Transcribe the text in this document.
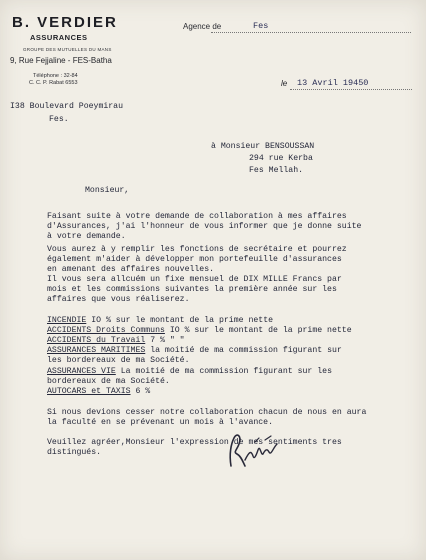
B. VERDIER
ASSURANCES
GROUPE DES MUTUELLES DU MANS
9, Rue Fejjaline - FES-Batha
Téléphone : 32-84
C. C. P. Rabat 6553
Agence de	Fes
le 13 Avril 19450
I38 Boulevard Poeymirau
Fes.
à Monsieur BENSOUSSAN
294 rue Kerba
Fes Mellah.
Monsieur,
Faisant suite à votre demande de collaboration à mes affaires
d'Assurances, j'ai l'honneur de vous informer que je donne suite
à votre demande.
Vous aurez à y remplir les fonctions de secrétaire et pourrez
également m'aider à développer mon portefeuille d'assurances
en amenant des affaires nouvelles.
Il vous sera allcuém un fixe mensuel de DIX MILLE Francs par
mois et les commissions suivantes la première année sur les
affaires que vous réaliserez.
INCENDIE IO % sur le montant de la prime nette
ACCIDENTS Droits Communs IO % sur le montant de la prime nette
ACCIDENTS du Travail 7 % " "
ASSURANCES MARITIMES la moitié de ma commission figurant sur
les bordereaux de ma Société.
ASSURANCES VIE La moitié de ma commission figurant sur les
bordereaux de ma Société.
AUTOCARS et TAXIS 6 %
Si nous devions cesser notre collaboration chacun de nous en aura
la faculté en se prévenant un mois à l'avance.
Veuillez agréer,Monsieur l'expression de mes sentiments tres
distingués.
